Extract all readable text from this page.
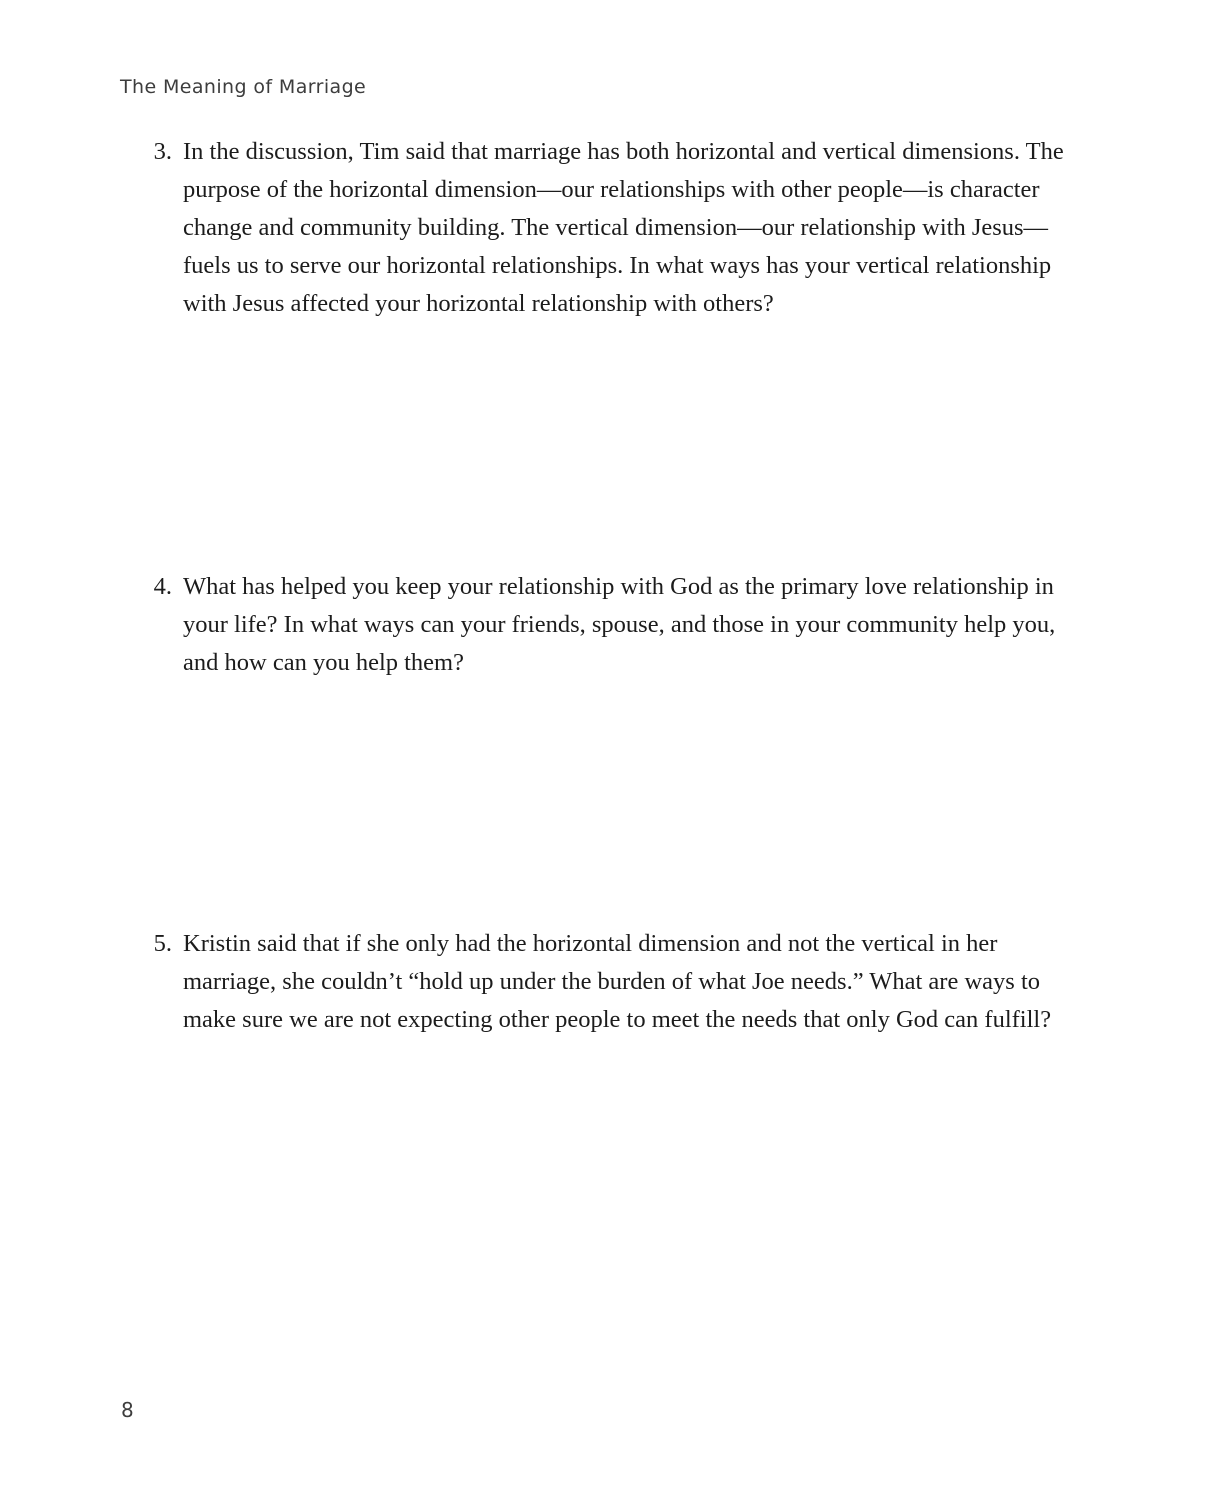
The Meaning of Marriage
3. In the discussion, Tim said that marriage has both horizontal and vertical dimensions. The purpose of the horizontal dimension—our relationships with other people—is character change and community building. The vertical dimension—our relationship with Jesus—fuels us to serve our horizontal relationships. In what ways has your vertical relationship with Jesus affected your horizontal relationship with others?
4. What has helped you keep your relationship with God as the primary love relationship in your life? In what ways can your friends, spouse, and those in your community help you, and how can you help them?
5. Kristin said that if she only had the horizontal dimension and not the vertical in her marriage, she couldn’t “hold up under the burden of what Joe needs.” What are ways to make sure we are not expecting other people to meet the needs that only God can fulfill?
8
